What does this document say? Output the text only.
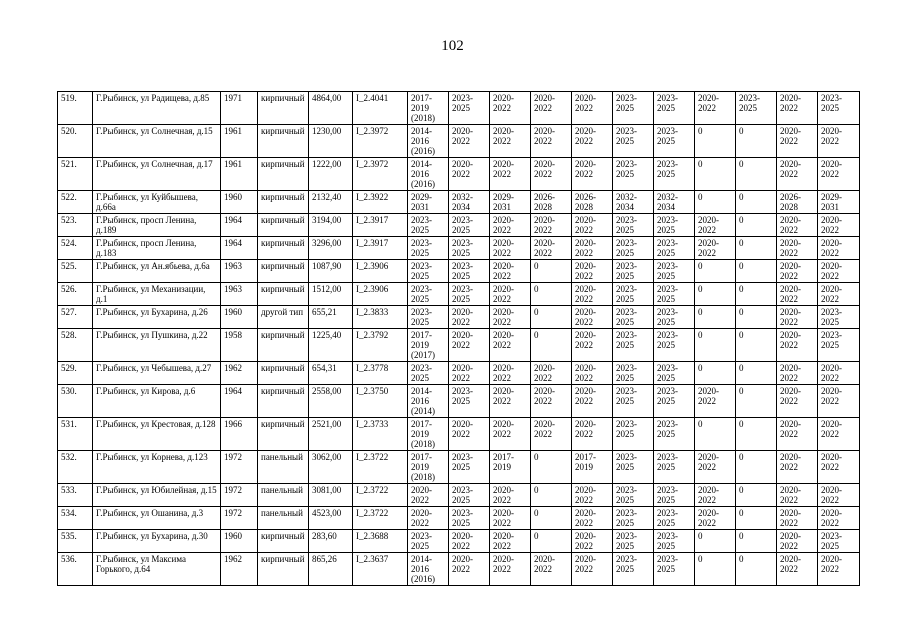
102
519.	Г.Рыбинск, ул Радищева, д.85	1971	кирпичный	4864,00	I_2.4041	2017-2019 (2018)	2023-2025	2020-2022	2020-2022	2020-2022	2023-2025	2023-2025	2020-2022	2023-2025	2020-2022	2023-2025
520.	Г.Рыбинск, ул Солнечная, д.15	1961	кирпичный	1230,00	I_2.3972	2014-2016 (2016)	2020-2022	2020-2022	2020-2022	2020-2022	2023-2025	2023-2025	0	0	2020-2022	2020-2022
521.	Г.Рыбинск, ул Солнечная, д.17	1961	кирпичный	1222,00	I_2.3972	2014-2016 (2016)	2020-2022	2020-2022	2020-2022	2020-2022	2023-2025	2023-2025	0	0	2020-2022	2020-2022
522.	Г.Рыбинск, ул Куйбышева, д.66а	1960	кирпичный	2132,40	I_2.3922	2029-2031	2032-2034	2029-2031	2026-2028	2026-2028	2032-2034	2032-2034	0	0	2026-2028	2029-2031
523.	Г.Рыбинск, просп Ленина, д.189	1964	кирпичный	3194,00	I_2.3917	2023-2025	2023-2025	2020-2022	2020-2022	2020-2022	2023-2025	2023-2025	2020-2022	0	2020-2022	2020-2022
524.	Г.Рыбинск, просп Ленина, д.183	1964	кирпичный	3296,00	I_2.3917	2023-2025	2023-2025	2020-2022	2020-2022	2020-2022	2023-2025	2023-2025	2020-2022	0	2020-2022	2020-2022
525.	Г.Рыбинск, ул Ан.ябьева, д.6а	1963	кирпичный	1087,90	I_2.3906	2023-2025	2023-2025	2020-2022	0	2020-2022	2023-2025	2023-2025	0	0	2020-2022	2020-2022
526.	Г.Рыбинск, ул Механизации, д.1	1963	кирпичный	1512,00	I_2.3906	2023-2025	2023-2025	2020-2022	0	2020-2022	2023-2025	2023-2025	0	0	2020-2022	2020-2022
527.	Г.Рыбинск, ул Бухарина, д.26	1960	другой тип	655,21	I_2.3833	2023-2025	2020-2022	2020-2022	0	2020-2022	2023-2025	2023-2025	0	0	2020-2022	2023-2025
528.	Г.Рыбинск, ул Пушкина, д.22	1958	кирпичный	1225,40	I_2.3792	2017-2019 (2017)	2020-2022	2020-2022	0	2020-2022	2023-2025	2023-2025	0	0	2020-2022	2023-2025
529.	Г.Рыбинск, ул Чебышева, д.27	1962	кирпичный	654,31	I_2.3778	2023-2025	2020-2022	2020-2022	2020-2022	2020-2022	2023-2025	2023-2025	0	0	2020-2022	2020-2022
530.	Г.Рыбинск, ул Кирова, д.6	1964	кирпичный	2558,00	I_2.3750	2014-2016 (2014)	2023-2025	2020-2022	2020-2022	2020-2022	2023-2025	2023-2025	2020-2022	0	2020-2022	2020-2022
531.	Г.Рыбинск, ул Крестовая, д.128	1966	кирпичный	2521,00	I_2.3733	2017-2019 (2018)	2020-2022	2020-2022	2020-2022	2020-2022	2023-2025	2023-2025	0	0	2020-2022	2020-2022
532.	Г.Рыбинск, ул Корнева, д.123	1972	панельный	3062,00	I_2.3722	2017-2019 (2018)	2023-2025	2017-2019	0	2017-2019	2023-2025	2023-2025	2020-2022	0	2020-2022	2020-2022
533.	Г.Рыбинск, ул Юбилейная, д.15	1972	панельный	3081,00	I_2.3722	2020-2022	2023-2025	2020-2022	0	2020-2022	2023-2025	2023-2025	2020-2022	0	2020-2022	2020-2022
534.	Г.Рыбинск, ул Ошанина, д.3	1972	панельный	4523,00	I_2.3722	2020-2022	2023-2025	2020-2022	0	2020-2022	2023-2025	2023-2025	2020-2022	0	2020-2022	2020-2022
535.	Г.Рыбинск, ул Бухарина, д.30	1960	кирпичный	283,60	I_2.3688	2023-2025	2020-2022	2020-2022	0	2020-2022	2023-2025	2023-2025	0	0	2020-2022	2023-2025
536.	Г.Рыбинск, ул Максима Горького, д.64	1962	кирпичный	865,26	I_2.3637	2014-2016 (2016)	2020-2022	2020-2022	2020-2022	2020-2022	2023-2025	2023-2025	0	0	2020-2022	2020-2022
